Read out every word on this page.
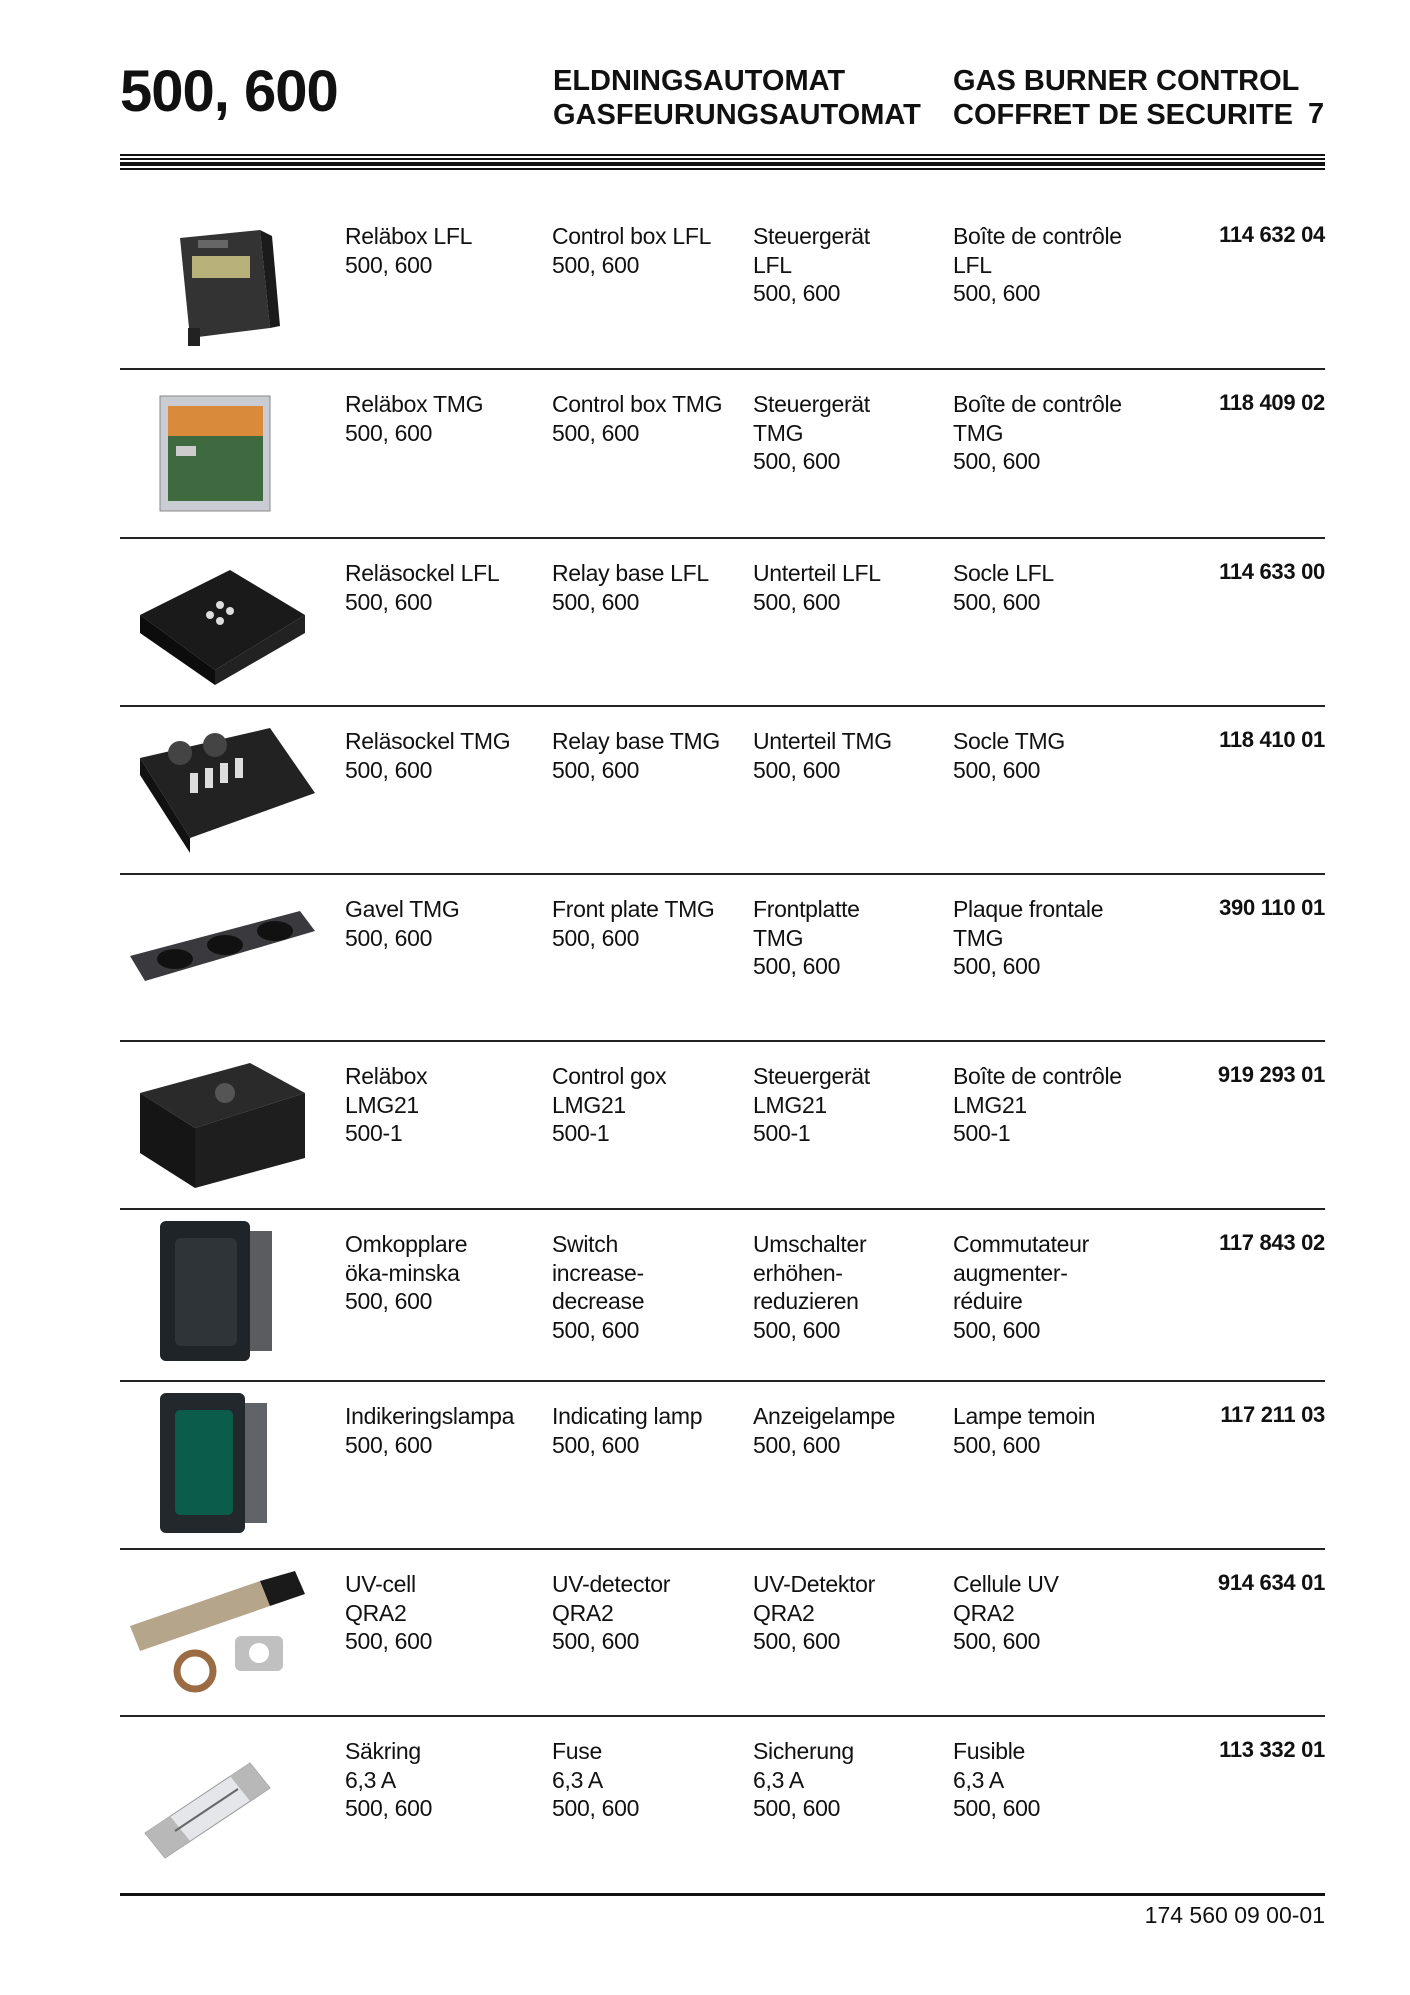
500, 600	ELDNINGSAUTOMAT
GASFEURUNGSAUTOMAT
GAS BURNER CONTROL
COFFRET DE SECURITE 7
Reläbox LFL
500, 600
Control box LFL
500, 600
Steuergerät
LFL
500, 600
Boîte de contrôle
LFL
500, 600
114 632 04
Reläbox TMG
500, 600
Control box TMG
500, 600
Steuergerät
TMG
500, 600
Boîte de contrôle
TMG
500, 600
118 409 02
Reläsockel LFL
500, 600
Relay base LFL
500, 600
Unterteil LFL
500, 600
Socle LFL
500, 600
114 633 00
Reläsockel TMG
500, 600
Relay base TMG
500, 600
Unterteil TMG
500, 600
Socle TMG
500, 600
118 410 01
Gavel TMG
500, 600
Front plate TMG
500, 600
Frontplatte
TMG
500, 600
Plaque frontale
TMG
500, 600
390 110 01
Reläbox
LMG21
500-1
Control gox
LMG21
500-1
Steuergerät
LMG21
500-1
Boîte de contrôle
LMG21
500-1
919 293 01
Omkopplare
öka-minska
500, 600
Switch
increase-
decrease
500, 600
Umschalter
erhöhen-
reduzieren
500, 600
Commutateur
augmenter-
réduire
500, 600
117 843 02
Indikeringslampa
500, 600
Indicating lamp
500, 600
Anzeigelampe
500, 600
Lampe temoin
500, 600
117 211 03
UV-cell
QRA2
500, 600
UV-detector
QRA2
500, 600
UV-Detektor
QRA2
500, 600
Cellule UV
QRA2
500, 600
914 634 01
Säkring
6,3 A
500, 600
Fuse
6,3 A
500, 600
Sicherung
6,3 A
500, 600
Fusible
6,3 A
500, 600
113 332 01
174 560 09 00-01
